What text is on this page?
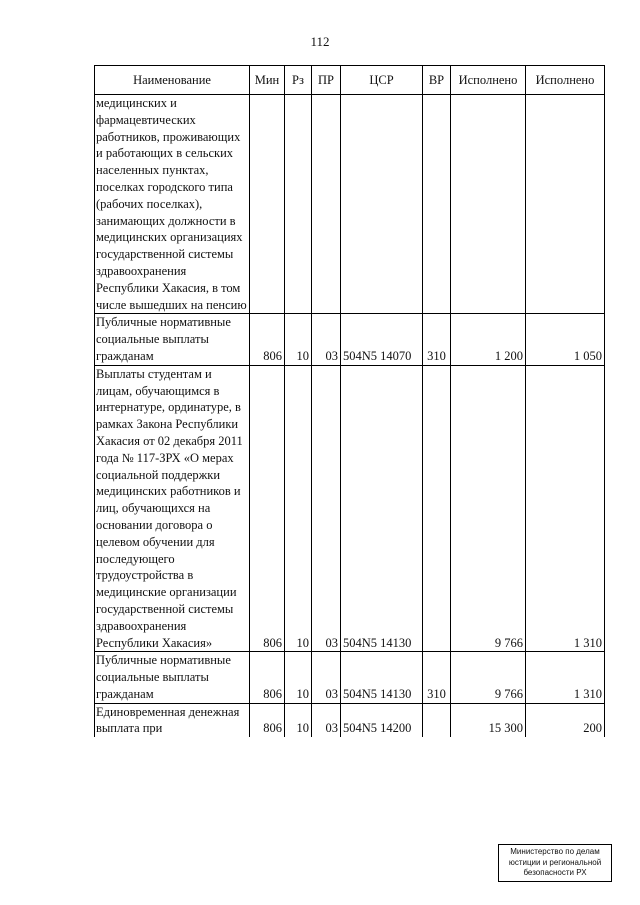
112
Наименование	Мин	Рз	ПР	ЦСР	ВР	Исполнено	Исполнено
медицинских и фармацевтических работников, проживающих и работающих в сельских населенных пунктах, поселках городского типа (рабочих поселках), занимающих должности в медицинских организациях государственной системы здравоохранения Республики Хакасия, в том числе вышедших на пенсию							
Публичные нормативные социальные выплаты гражданам	806	10	03	504N5 14070	310	1 200	1 050
Выплаты студентам и лицам, обучающимся в интернатуре, ординатуре, в рамках Закона Республики Хакасия от 02 декабря 2011 года № 117-ЗРХ «О мерах социальной поддержки медицинских работников и лиц, обучающихся на основании договора о целевом обучении для последующего трудоустройства в медицинские организации государственной системы здравоохранения Республики Хакасия»	806	10	03	504N5 14130		9 766	1 310
Публичные нормативные социальные выплаты гражданам	806	10	03	504N5 14130	310	9 766	1 310
Единовременная денежная выплата при	806	10	03	504N5 14200		15 300	200
Министерство по делам
юстиции и региональной
безопасности РХ
